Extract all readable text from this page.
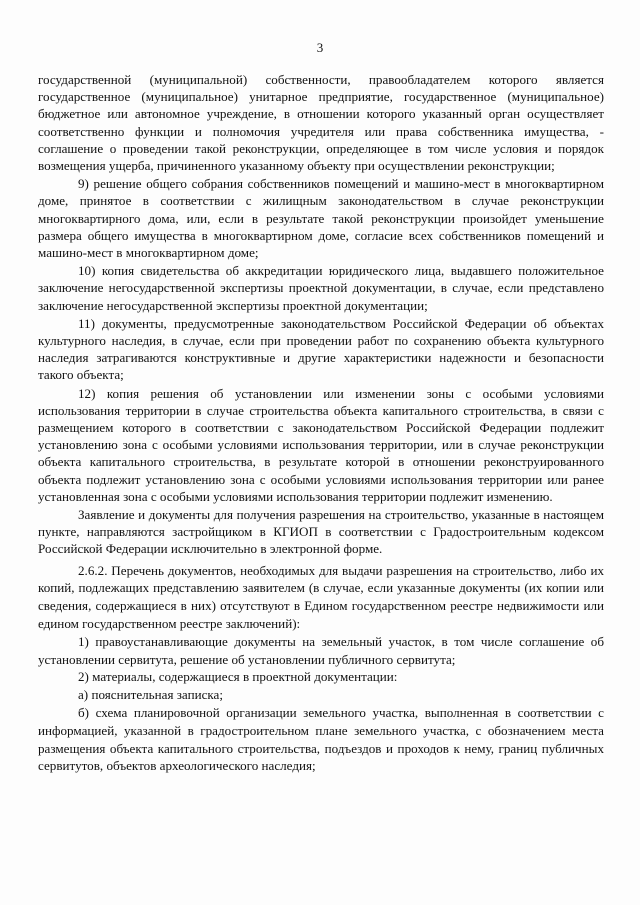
3

государственной (муниципальной) собственности, правообладателем которого является государственное (муниципальное) унитарное предприятие, государственное (муниципальное) бюджетное или автономное учреждение, в отношении которого указанный орган осуществляет соответственно функции и полномочия учредителя или права собственника имущества, - соглашение о проведении такой реконструкции, определяющее в том числе условия и порядок возмещения ущерба, причиненного указанному объекту при осуществлении реконструкции;

9) решение общего собрания собственников помещений и машино-мест в многоквартирном доме, принятое в соответствии с жилищным законодательством в случае реконструкции многоквартирного дома, или, если в результате такой реконструкции произойдет уменьшение размера общего имущества в многоквартирном доме, согласие всех собственников помещений и машино-мест в многоквартирном доме;

10) копия свидетельства об аккредитации юридического лица, выдавшего положительное заключение негосударственной экспертизы проектной документации, в случае, если представлено заключение негосударственной экспертизы проектной документации;

11) документы, предусмотренные законодательством Российской Федерации об объектах культурного наследия, в случае, если при проведении работ по сохранению объекта культурного наследия затрагиваются конструктивные и другие характеристики надежности и безопасности такого объекта;

12) копия решения об установлении или изменении зоны с особыми условиями использования территории в случае строительства объекта капитального строительства, в связи с размещением которого в соответствии с законодательством Российской Федерации подлежит установлению зона с особыми условиями использования территории, или в случае реконструкции объекта капитального строительства, в результате которой в отношении реконструированного объекта подлежит установлению зона с особыми условиями использования территории или ранее установленная зона с особыми условиями использования территории подлежит изменению.

Заявление и документы для получения разрешения на строительство, указанные в настоящем пункте, направляются застройщиком в КГИОП в соответствии с Градостроительным кодексом Российской Федерации исключительно в электронной форме.

2.6.2. Перечень документов, необходимых для выдачи разрешения на строительство, либо их копий, подлежащих представлению заявителем (в случае, если указанные документы (их копии или сведения, содержащиеся в них) отсутствуют в Едином государственном реестре недвижимости или едином государственном реестре заключений):

1) правоустанавливающие документы на земельный участок, в том числе соглашение об установлении сервитута, решение об установлении публичного сервитута;

2) материалы, содержащиеся в проектной документации:

а) пояснительная записка;

б) схема планировочной организации земельного участка, выполненная в соответствии с информацией, указанной в градостроительном плане земельного участка, с обозначением места размещения объекта капитального строительства, подъездов и проходов к нему, границ публичных сервитутов, объектов археологического наследия;
